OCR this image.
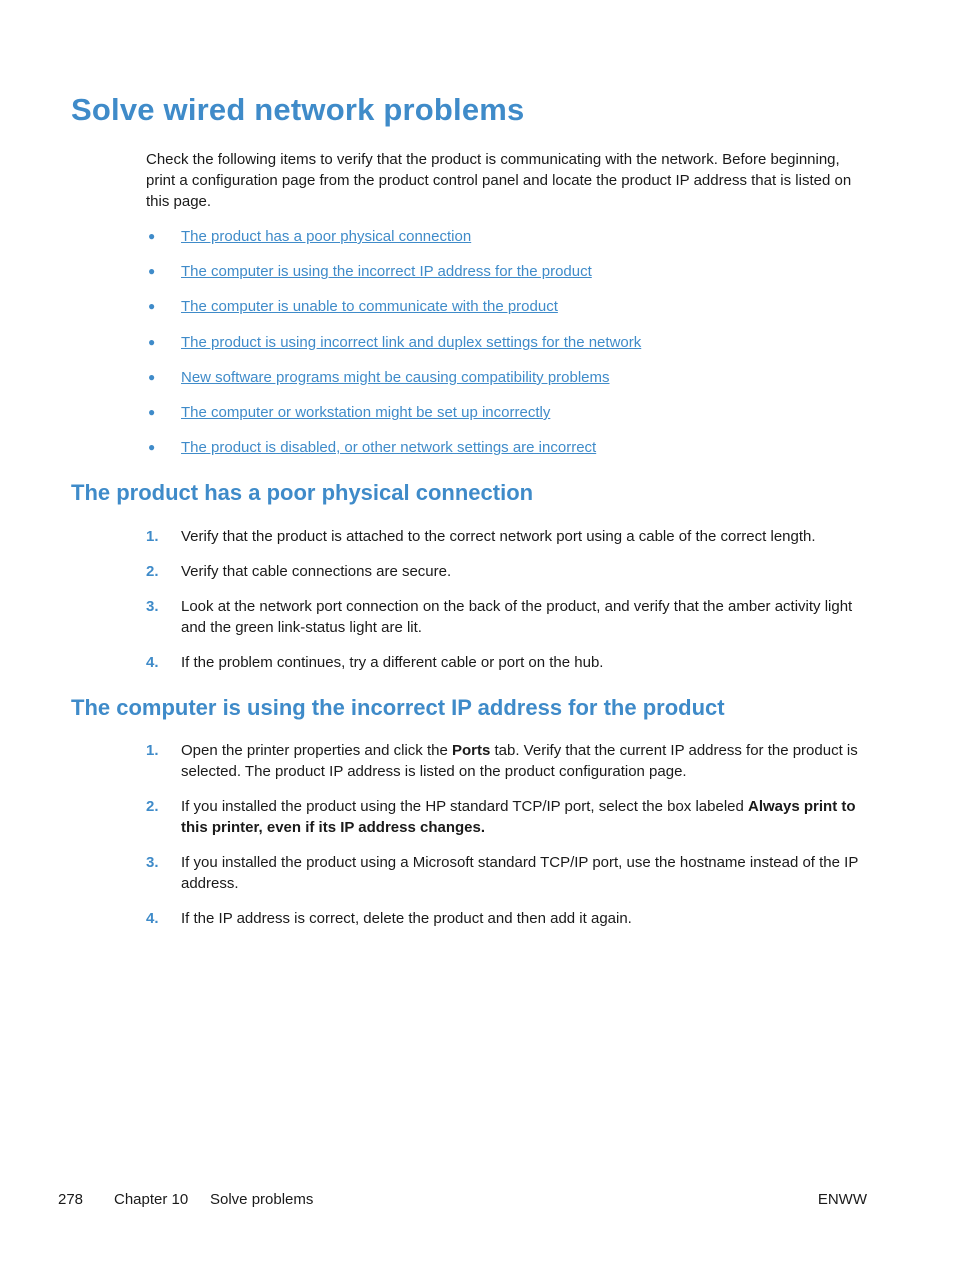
Solve wired network problems

Check the following items to verify that the product is communicating with the network. Before beginning, print a configuration page from the product control panel and locate the product IP address that is listed on this page.

● The product has a poor physical connection
● The computer is using the incorrect IP address for the product
● The computer is unable to communicate with the product
● The product is using incorrect link and duplex settings for the network
● New software programs might be causing compatibility problems
● The computer or workstation might be set up incorrectly
● The product is disabled, or other network settings are incorrect
The product has a poor physical connection
1. Verify that the product is attached to the correct network port using a cable of the correct length.
2. Verify that cable connections are secure.
3. Look at the network port connection on the back of the product, and verify that the amber activity light and the green link-status light are lit.
4. If the problem continues, try a different cable or port on the hub.
The computer is using the incorrect IP address for the product
1. Open the printer properties and click the Ports tab. Verify that the current IP address for the product is selected. The product IP address is listed on the product configuration page.
2. If you installed the product using the HP standard TCP/IP port, select the box labeled Always print to this printer, even if its IP address changes.
3. If you installed the product using a Microsoft standard TCP/IP port, use the hostname instead of the IP address.
4. If the IP address is correct, delete the product and then add it again.
278 Chapter 10 Solve problems	ENWW
